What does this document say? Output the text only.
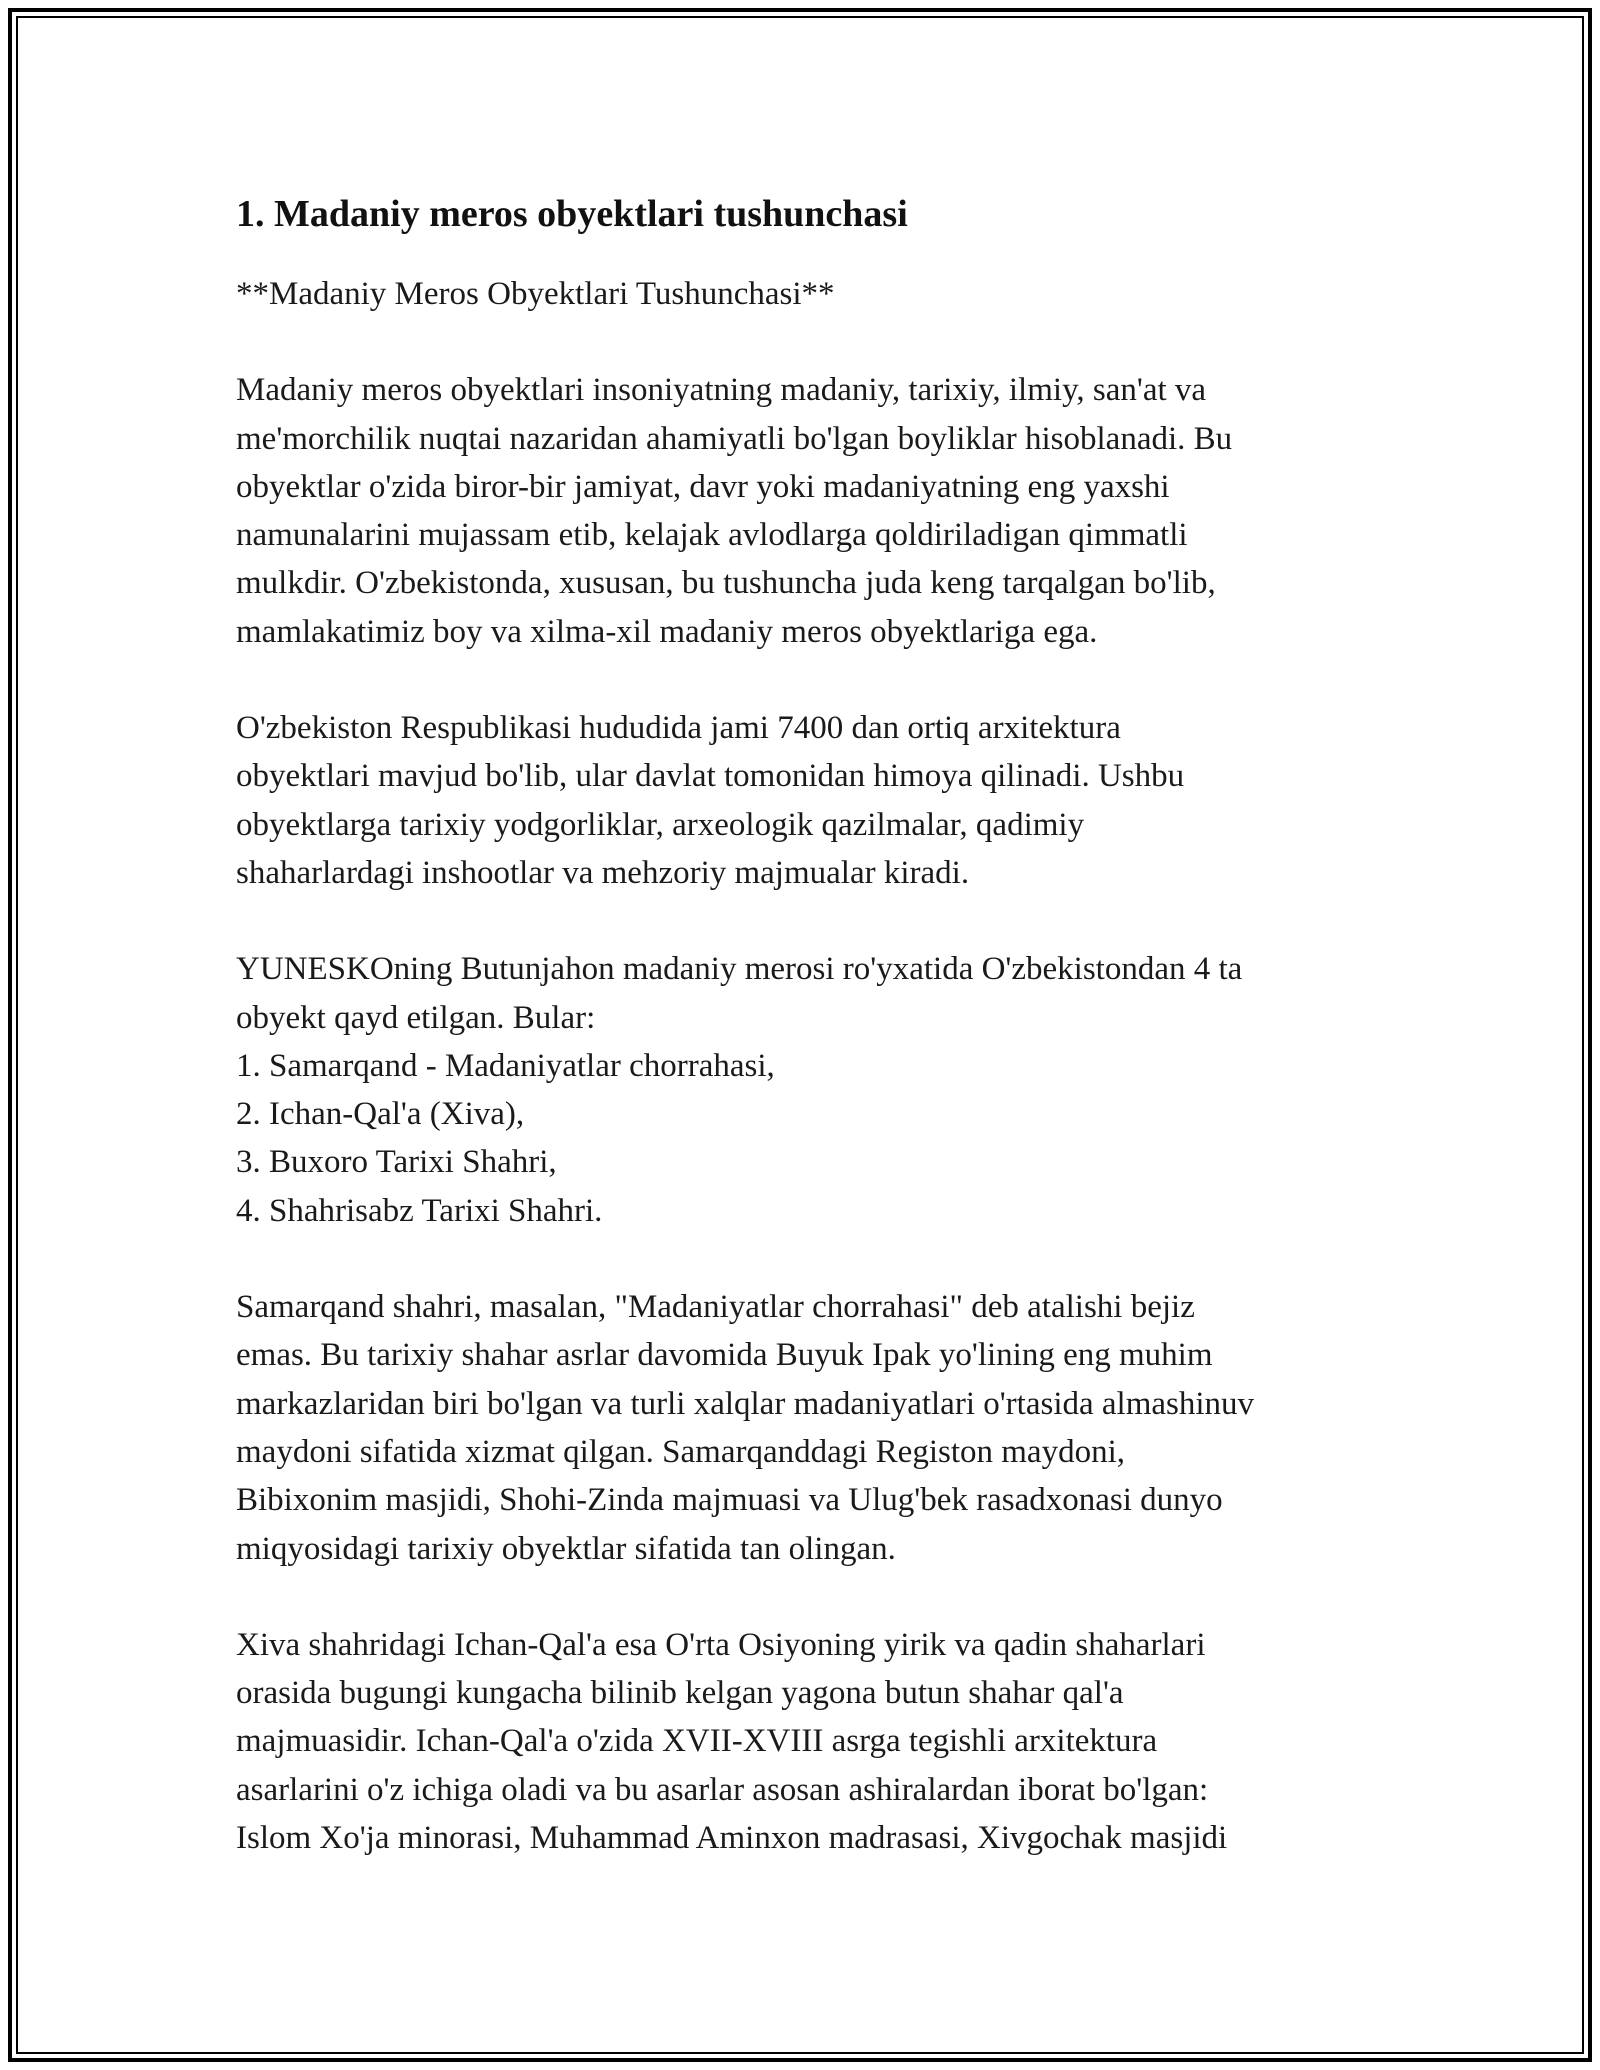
1. Madaniy meros obyektlari tushunchasi
**Madaniy Meros Obyektlari Tushunchasi**
Madaniy meros obyektlari insoniyatning madaniy, tarixiy, ilmiy, san'at va
me'morchilik nuqtai nazaridan ahamiyatli bo'lgan boyliklar hisoblanadi. Bu
obyektlar o'zida biror-bir jamiyat, davr yoki madaniyatning eng yaxshi
namunalarini mujassam etib, kelajak avlodlarga qoldiriladigan qimmatli
mulkdir. O'zbekistonda, xususan, bu tushuncha juda keng tarqalgan bo'lib,
mamlakatimiz boy va xilma-xil madaniy meros obyektlariga ega.
O'zbekiston Respublikasi hududida jami 7400 dan ortiq arxitektura
obyektlari mavjud bo'lib, ular davlat tomonidan himoya qilinadi. Ushbu
obyektlarga tarixiy yodgorliklar, arxeologik qazilmalar, qadimiy
shaharlardagi inshootlar va mehzoriy majmualar kiradi.
YUNESKOning Butunjahon madaniy merosi ro'yxatida O'zbekistondan 4 ta
obyekt qayd etilgan. Bular:
1. Samarqand - Madaniyatlar chorrahasi,
2. Ichan-Qal'a (Xiva),
3. Buxoro Tarixi Shahri,
4. Shahrisabz Tarixi Shahri.
Samarqand shahri, masalan, "Madaniyatlar chorrahasi" deb atalishi bejiz
emas. Bu tarixiy shahar asrlar davomida Buyuk Ipak yo'lining eng muhim
markazlaridan biri bo'lgan va turli xalqlar madaniyatlari o'rtasida almashinuv
maydoni sifatida xizmat qilgan. Samarqanddagi Registon maydoni,
Bibixonim masjidi, Shohi-Zinda majmuasi va Ulug'bek rasadxonasi dunyo
miqyosidagi tarixiy obyektlar sifatida tan olingan.
Xiva shahridagi Ichan-Qal'a esa O'rta Osiyoning yirik va qadin shaharlari
orasida bugungi kungacha bilinib kelgan yagona butun shahar qal'a
majmuasidir. Ichan-Qal'a o'zida XVII-XVIII asrga tegishli arxitektura
asarlarini o'z ichiga oladi va bu asarlar asosan ashiralardan iborat bo'lgan:
Islom Xo'ja minorasi, Muhammad Aminxon madrasasi, Xivgochak masjidi
